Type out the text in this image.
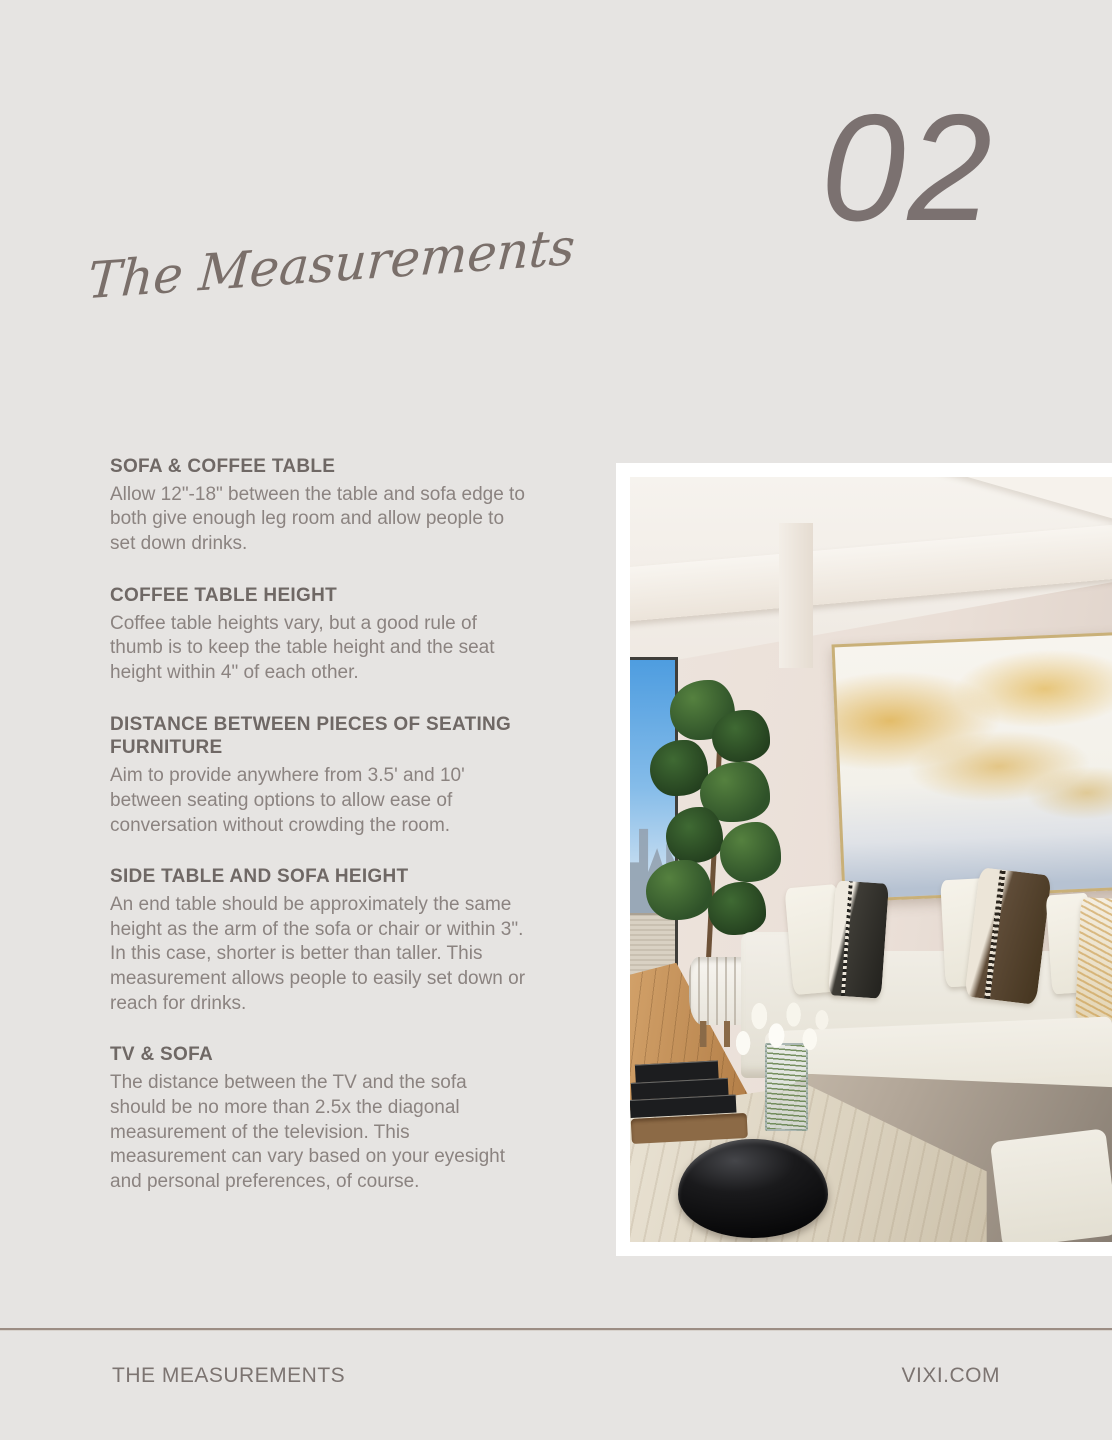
02
The Measurements
SOFA & COFFEE TABLE

Allow 12"-18" between the table and sofa edge to both give enough leg room and allow people to set down drinks.

COFFEE TABLE HEIGHT

Coffee table heights vary, but a good rule of thumb is to keep the table height and the seat height within 4" of each other.

DISTANCE BETWEEN PIECES OF SEATING FURNITURE

Aim to provide anywhere from 3.5' and 10' between seating options to allow ease of conversation without crowding the room.

SIDE TABLE AND SOFA HEIGHT

An end table should be approximately the same height as the arm of the sofa or chair or within 3". In this case, shorter is better than taller. This measurement allows people to easily set down or reach for drinks.

TV & SOFA

The distance between the TV and the sofa should be no more than 2.5x the diagonal measurement of the television. This measurement can vary based on your eyesight and personal preferences, of course.

THE MEASUREMENTS	VIXI.COM
